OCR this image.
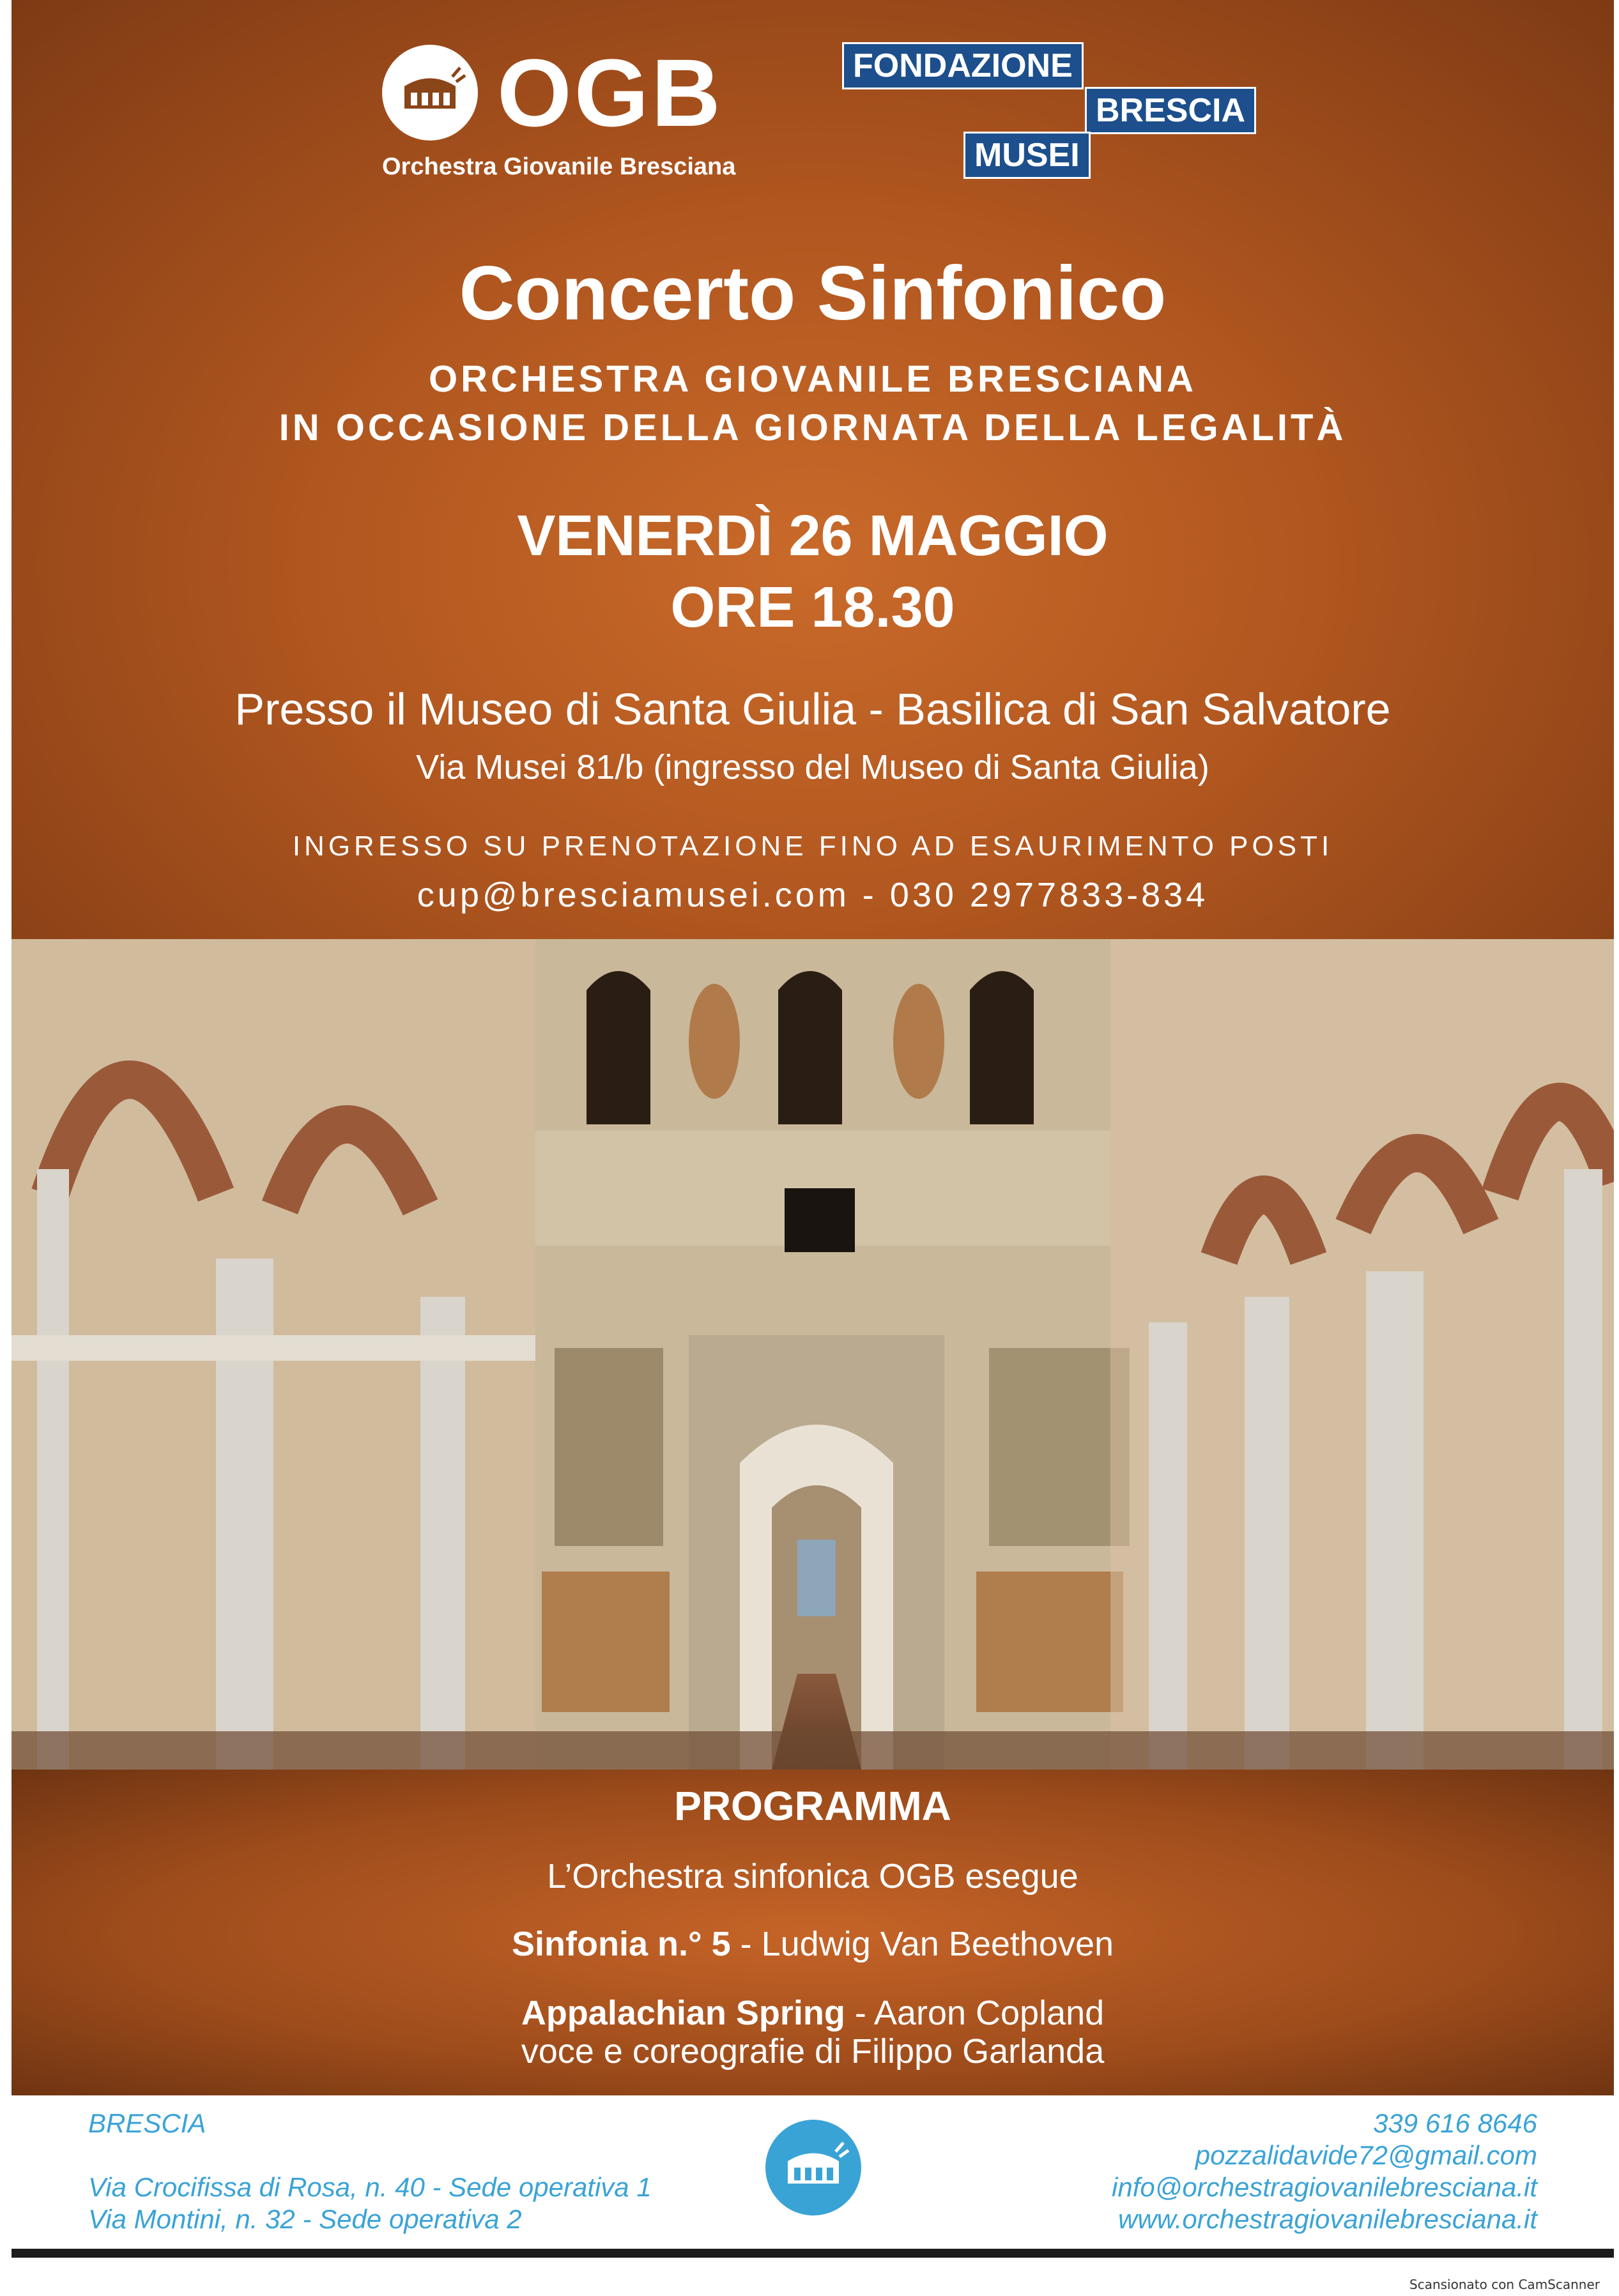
OGB
Orchestra Giovanile Bresciana
FONDAZIONE
BRESCIA
MUSEI
Concerto Sinfonico
ORCHESTRA GIOVANILE BRESCIANA
IN OCCASIONE DELLA GIORNATA DELLA LEGALITÀ
VENERDÌ 26 MAGGIO
ORE 18.30
Presso il Museo di Santa Giulia - Basilica di San Salvatore
Via Musei 81/b (ingresso del Museo di Santa Giulia)
INGRESSO SU PRENOTAZIONE FINO AD ESAURIMENTO POSTI
cup@bresciamusei.com - 030 2977833-834
PROGRAMMA
L’Orchestra sinfonica OGB esegue
Sinfonia n.° 5 - Ludwig Van Beethoven
Appalachian Spring - Aaron Copland
voce e coreografie di Filippo Garlanda
BRESCIA
Via Crocifissa di Rosa, n. 40 - Sede operativa 1
Via Montini, n. 32 - Sede operativa 2
339 616 8646
pozzalidavide72@gmail.com
info@orchestragiovanilebresciana.it
www.orchestragiovanilebresciana.it
Scansionato con CamScanner
